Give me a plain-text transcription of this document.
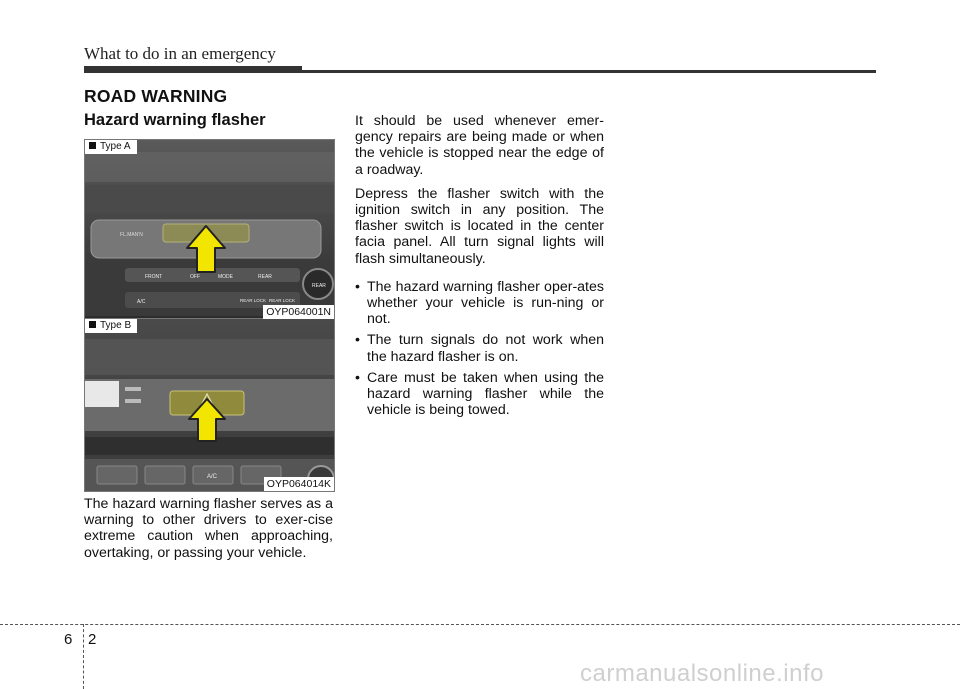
What to do in an emergency
ROAD WARNING
Hazard warning flasher
Type A
FL.MAN'N
FRONT	OFF	MODE	REAR
REAR
A/C	REAR LOCK REAR LOCK
OYP064001N
Type B
A/C
OYP064014K
The hazard warning flasher serves as a warning to other drivers to exer-cise extreme caution when approaching, overtaking, or passing your vehicle.

It should be used whenever emer-gency repairs are being made or when the vehicle is stopped near the edge of a roadway.

Depress the flasher switch with the ignition switch in any position. The flasher switch is located in the center facia panel. All turn signal lights will flash simultaneously.

• The hazard warning flasher oper-ates whether your vehicle is run-ning or not.
• The turn signals do not work when the hazard flasher is on.
• Care must be taken when using the hazard warning flasher while the vehicle is being towed.
6 2
carmanualsonline.info
